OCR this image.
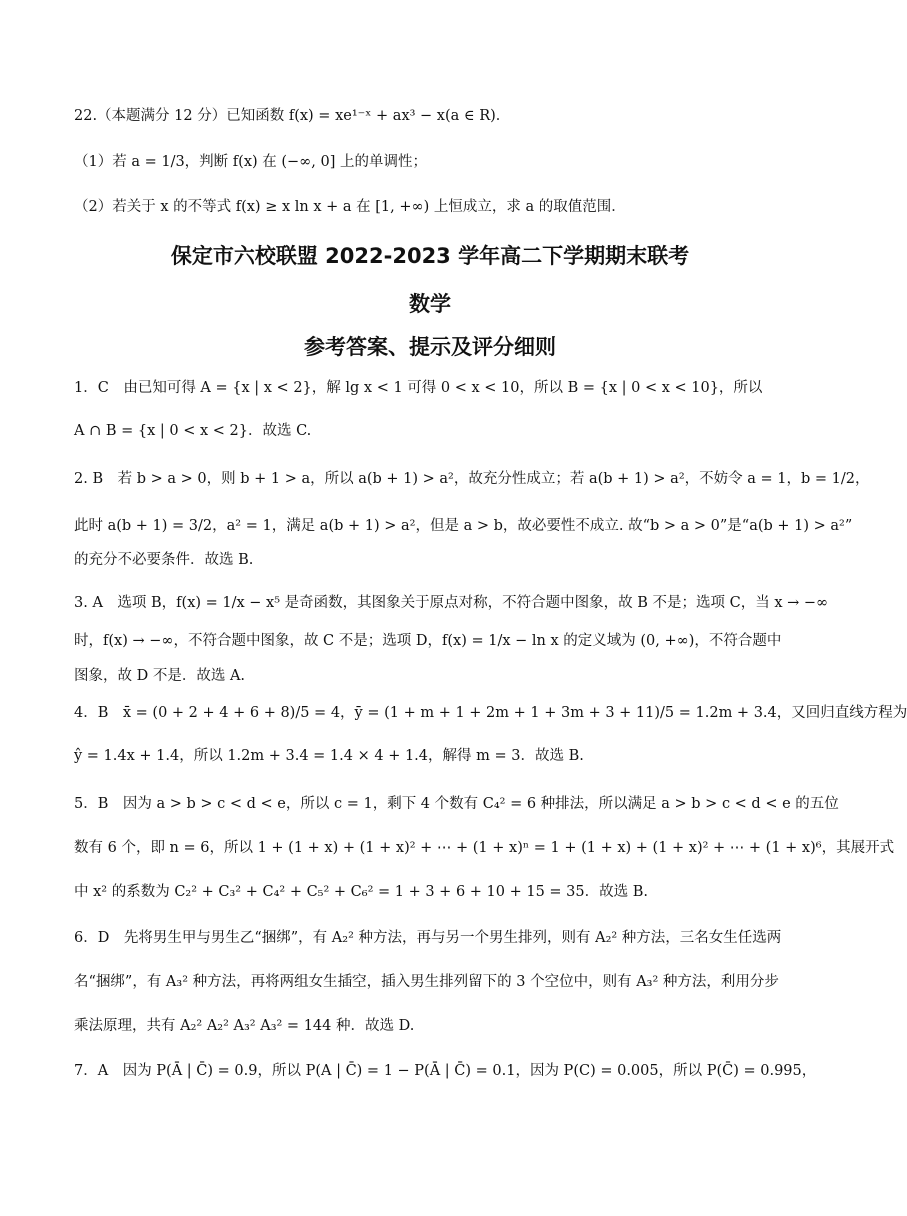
22.（本题满分 12 分）已知函数 f(x) = xe¹⁻ˣ + ax³ − x(a ∈ R)．
（1）若 a = 1/3，判断 f(x) 在 (−∞, 0] 上的单调性；
（2）若关于 x 的不等式 f(x) ≥ x ln x + a 在 [1, +∞) 上恒成立，求 a 的取值范围．
保定市六校联盟 2022-2023 学年高二下学期期末联考
数学
参考答案、提示及评分细则
1．C　由已知可得 A = {x | x < 2}，解 lg x < 1 可得 0 < x < 10，所以 B = {x | 0 < x < 10}，所以
A ∩ B = {x | 0 < x < 2}．故选 C.
2. B　若 b > a > 0，则 b + 1 > a，所以 a(b + 1) > a²，故充分性成立；若 a(b + 1) > a²，不妨令 a = 1，b = 1/2，
此时 a(b + 1) = 3/2，a² = 1，满足 a(b + 1) > a²，但是 a > b，故必要性不成立. 故“b > a > 0”是“a(b + 1) > a²”
的充分不必要条件．故选 B.
3. A　选项 B，f(x) = 1/x − x⁵ 是奇函数，其图象关于原点对称，不符合题中图象，故 B 不是；选项 C，当 x → −∞
时，f(x) → −∞，不符合题中图象，故 C 不是；选项 D，f(x) = 1/x − ln x 的定义域为 (0, +∞)，不符合题中
图象，故 D 不是．故选 A.
4．B　x̄ = (0 + 2 + 4 + 6 + 8)/5 = 4，ȳ = (1 + m + 1 + 2m + 1 + 3m + 3 + 11)/5 = 1.2m + 3.4，又回归直线方程为
ŷ = 1.4x + 1.4，所以 1.2m + 3.4 = 1.4 × 4 + 1.4，解得 m = 3．故选 B.
5．B　因为 a > b > c < d < e，所以 c = 1，剩下 4 个数有 C₄² = 6 种排法，所以满足 a > b > c < d < e 的五位
数有 6 个，即 n = 6，所以 1 + (1 + x) + (1 + x)² + ⋯ + (1 + x)ⁿ = 1 + (1 + x) + (1 + x)² + ⋯ + (1 + x)⁶，其展开式
中 x² 的系数为 C₂² + C₃² + C₄² + C₅² + C₆² = 1 + 3 + 6 + 10 + 15 = 35．故选 B.
6．D　先将男生甲与男生乙“捆绑”，有 A₂² 种方法，再与另一个男生排列，则有 A₂² 种方法，三名女生任选两
名“捆绑”，有 A₃² 种方法，再将两组女生插空，插入男生排列留下的 3 个空位中，则有 A₃² 种方法，利用分步
乘法原理，共有 A₂² A₂² A₃² A₃² = 144 种．故选 D.
7．A　因为 P(Ā | C̄) = 0.9，所以 P(A | C̄) = 1 − P(Ā | C̄) = 0.1，因为 P(C) = 0.005，所以 P(C̄) = 0.995，
